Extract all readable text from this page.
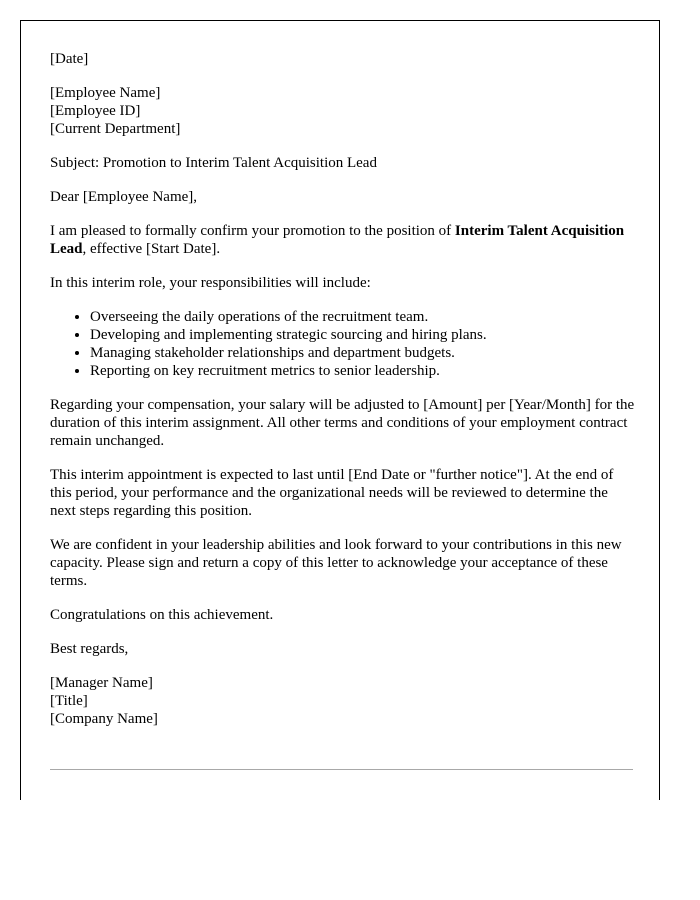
[Date]

[Employee Name]
[Employee ID]
[Current Department]

Subject: Promotion to Interim Talent Acquisition Lead

Dear [Employee Name],

I am pleased to formally confirm your promotion to the position of Interim Talent Acquisition Lead, effective [Start Date].

In this interim role, your responsibilities will include:

• Overseeing the daily operations of the recruitment team.
• Developing and implementing strategic sourcing and hiring plans.
• Managing stakeholder relationships and department budgets.
• Reporting on key recruitment metrics to senior leadership.

Regarding your compensation, your salary will be adjusted to [Amount] per [Year/Month] for the duration of this interim assignment. All other terms and conditions of your employment contract remain unchanged.

This interim appointment is expected to last until [End Date or "further notice"]. At the end of this period, your performance and the organizational needs will be reviewed to determine the next steps regarding this position.

We are confident in your leadership abilities and look forward to your contributions in this new capacity. Please sign and return a copy of this letter to acknowledge your acceptance of these terms.

Congratulations on this achievement.

Best regards,

[Manager Name]
[Title]
[Company Name]
